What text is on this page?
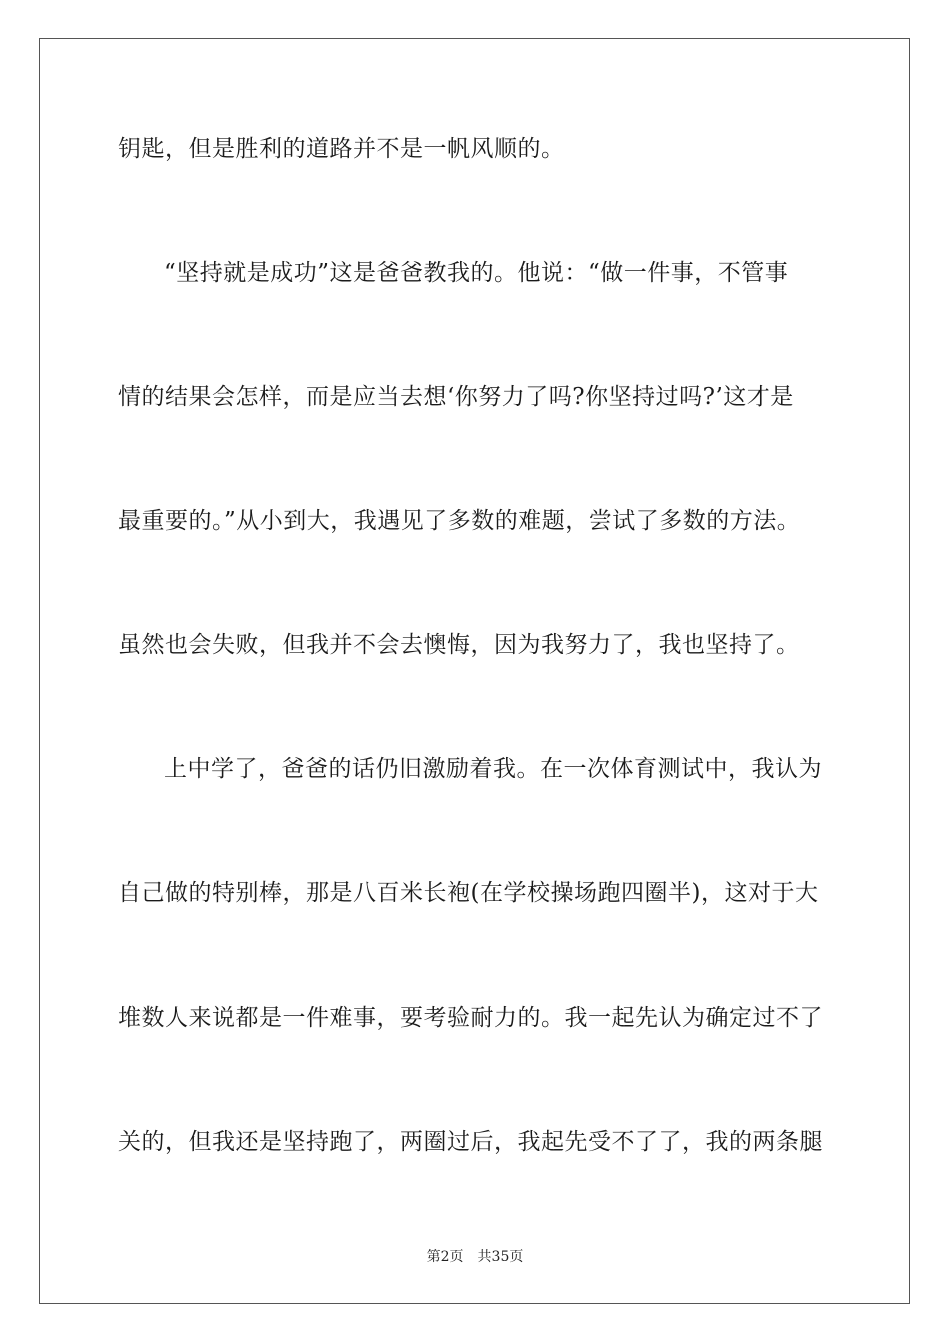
钥匙，但是胜利的道路并不是一帆风顺的。
“坚持就是成功”这是爸爸教我的。他说：“做一件事，不管事
情的结果会怎样，而是应当去想‘你努力了吗?你坚持过吗?’这才是
最重要的。”从小到大，我遇见了多数的难题，尝试了多数的方法。
虽然也会失败，但我并不会去懊悔，因为我努力了，我也坚持了。
上中学了，爸爸的话仍旧激励着我。在一次体育测试中，我认为
自己做的特别棒，那是八百米长袍(在学校操场跑四圈半)，这对于大
堆数人来说都是一件难事，要考验耐力的。我一起先认为确定过不了
关的，但我还是坚持跑了，两圈过后，我起先受不了了，我的两条腿
第2页 共35页
